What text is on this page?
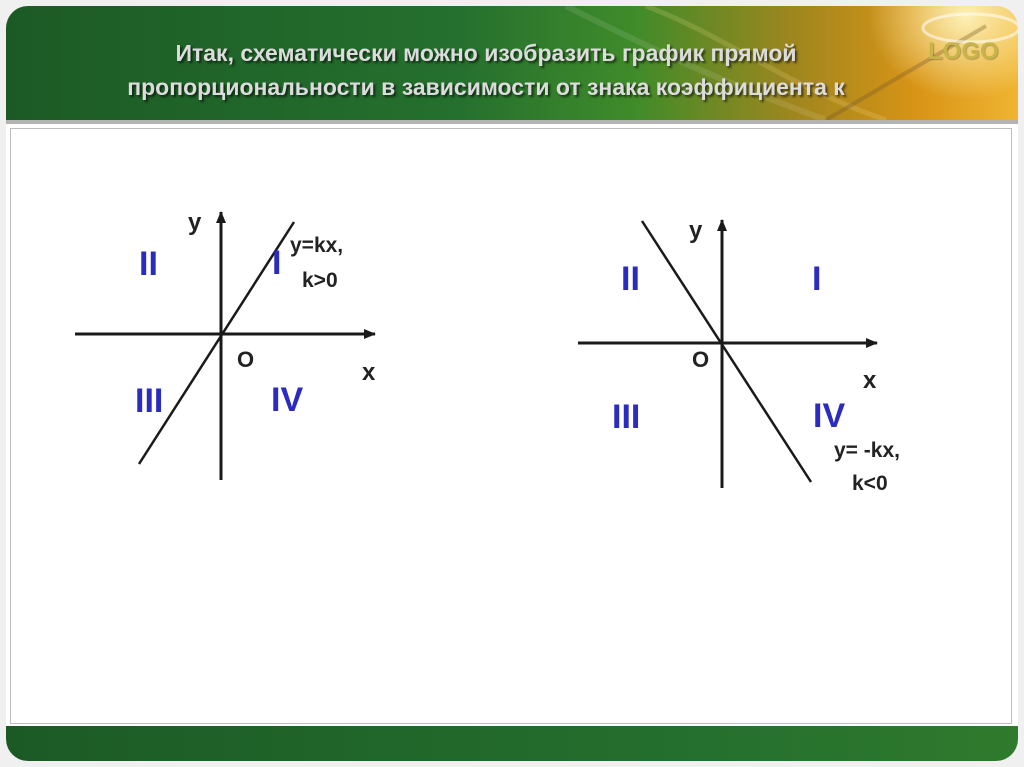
Итак, схематически можно изобразить график прямой
пропорциональности в зависимости от знака коэффициента к
LOGO
y
x
O
I
II
III	IV
y=kx,
k>0
y
x
O
I
II
III	IV
y= -kx,
k<0
